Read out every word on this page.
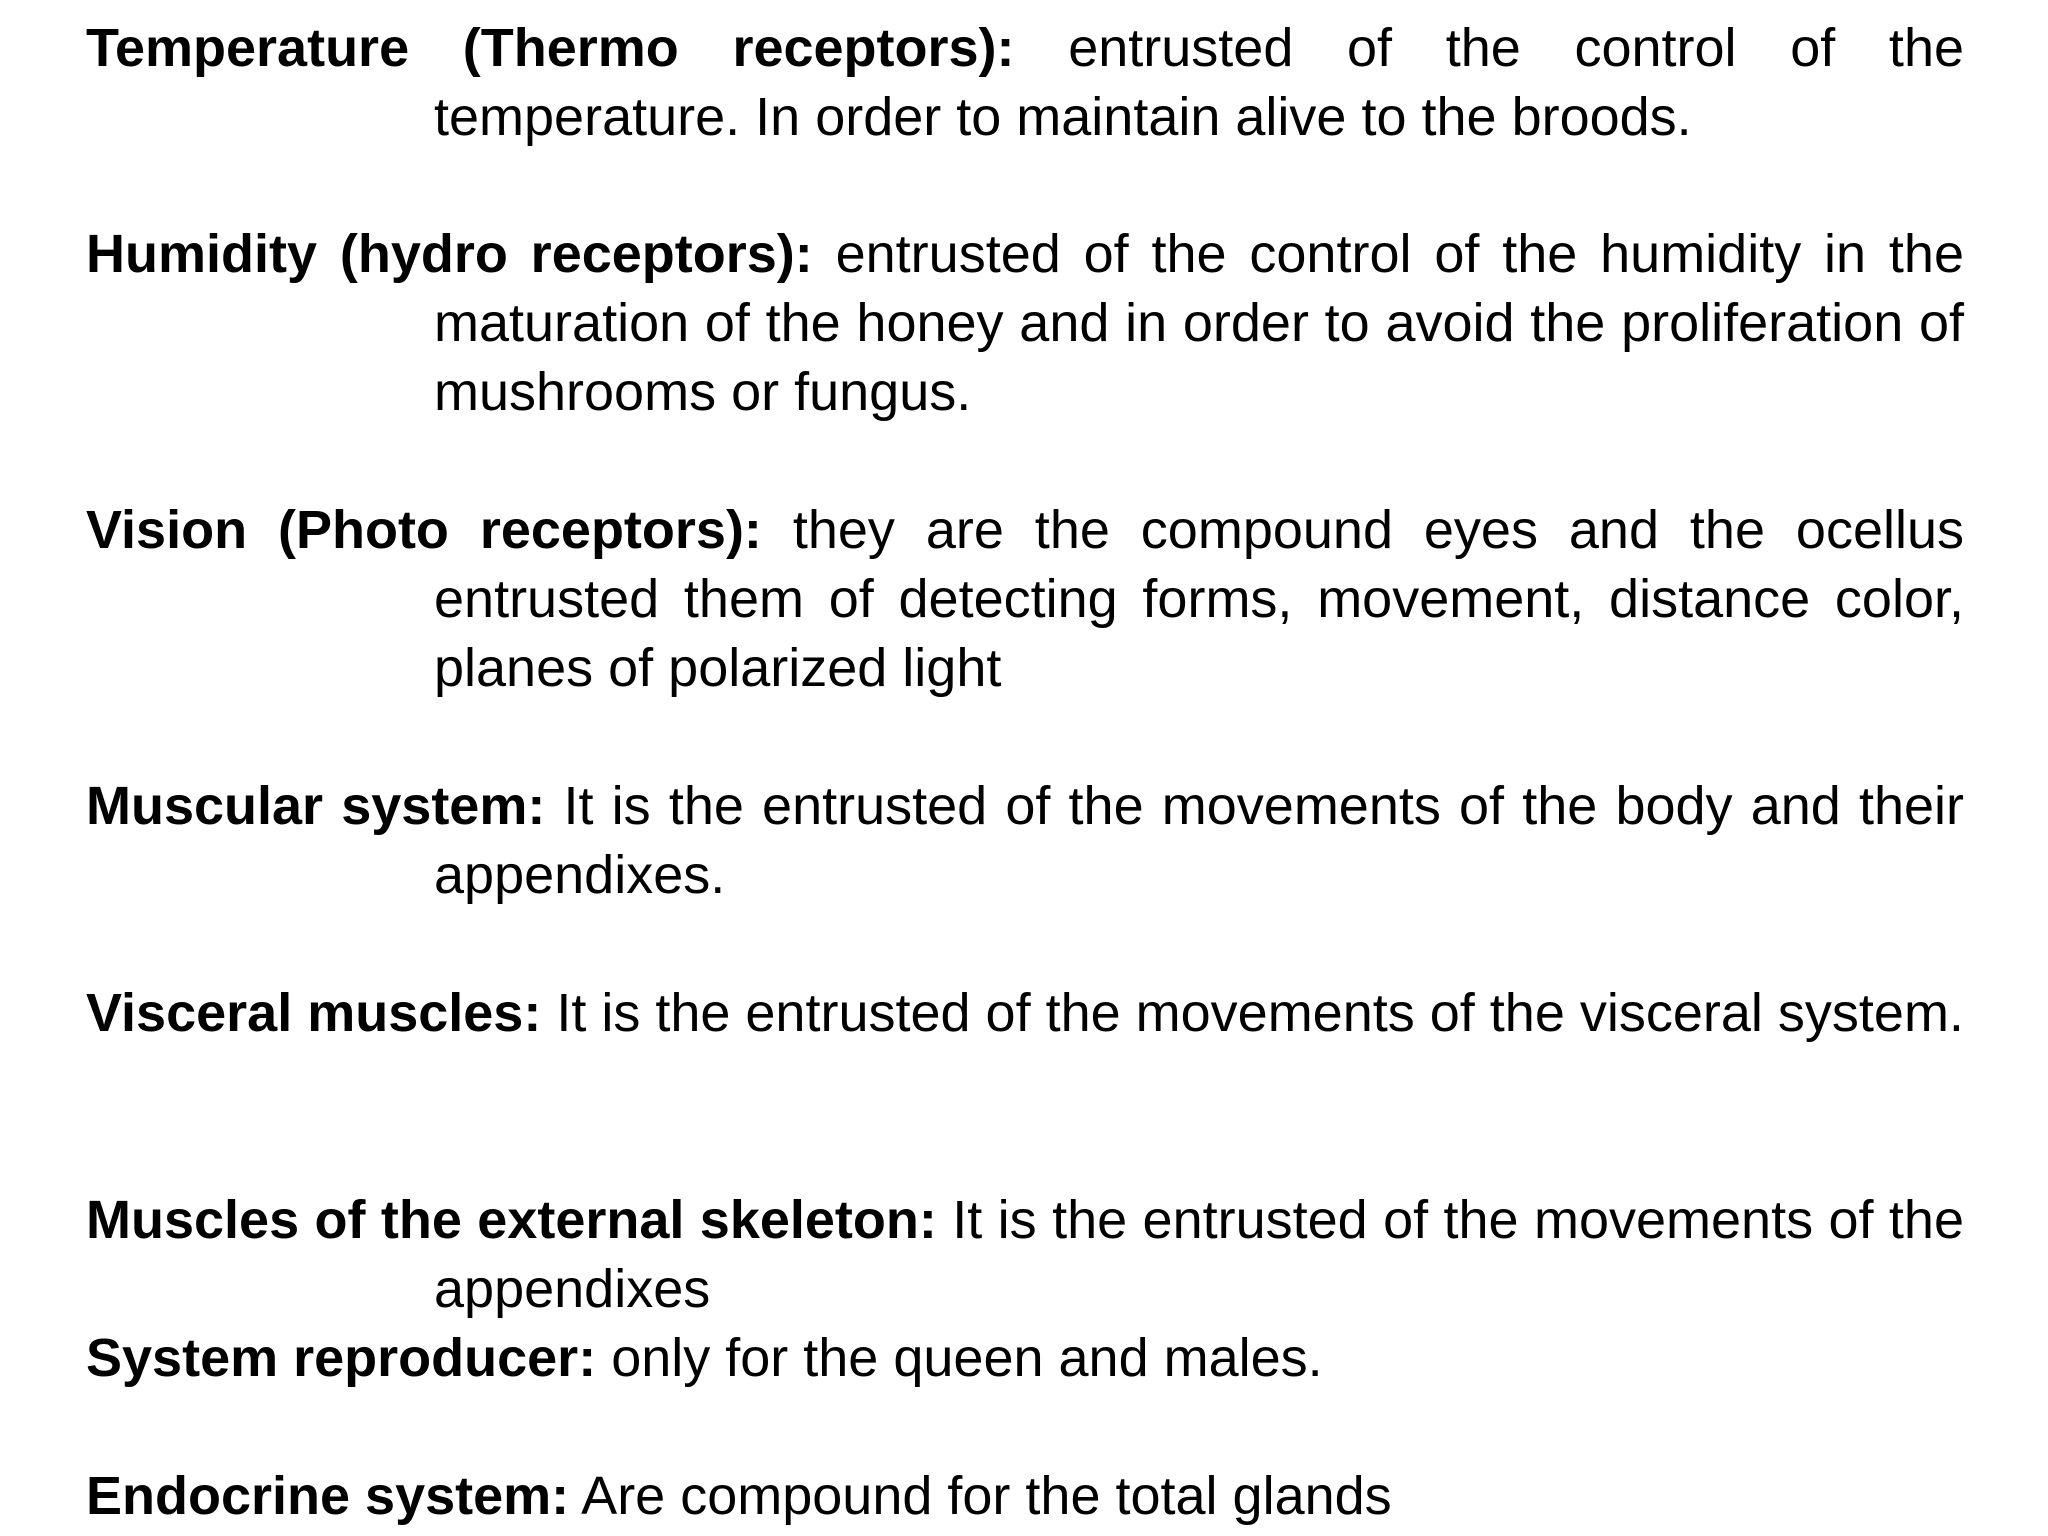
Temperature (Thermo receptors): entrusted of the control of the temperature. In order to maintain alive to the broods.

Humidity (hydro receptors): entrusted of the control of the humidity in the maturation of the honey and in order to avoid the proliferation of mushrooms or fungus.

Vision (Photo receptors): they are the compound eyes and the ocellus entrusted them of detecting forms, movement, distance color, planes of polarized light

Muscular system: It is the entrusted of the movements of the body and their appendixes.

Visceral muscles: It is the entrusted of the movements of the visceral system.

Muscles of the external skeleton: It is the entrusted of the movements of the appendixes

System reproducer: only for the queen and males.

Endocrine system: Are compound for the total glands
